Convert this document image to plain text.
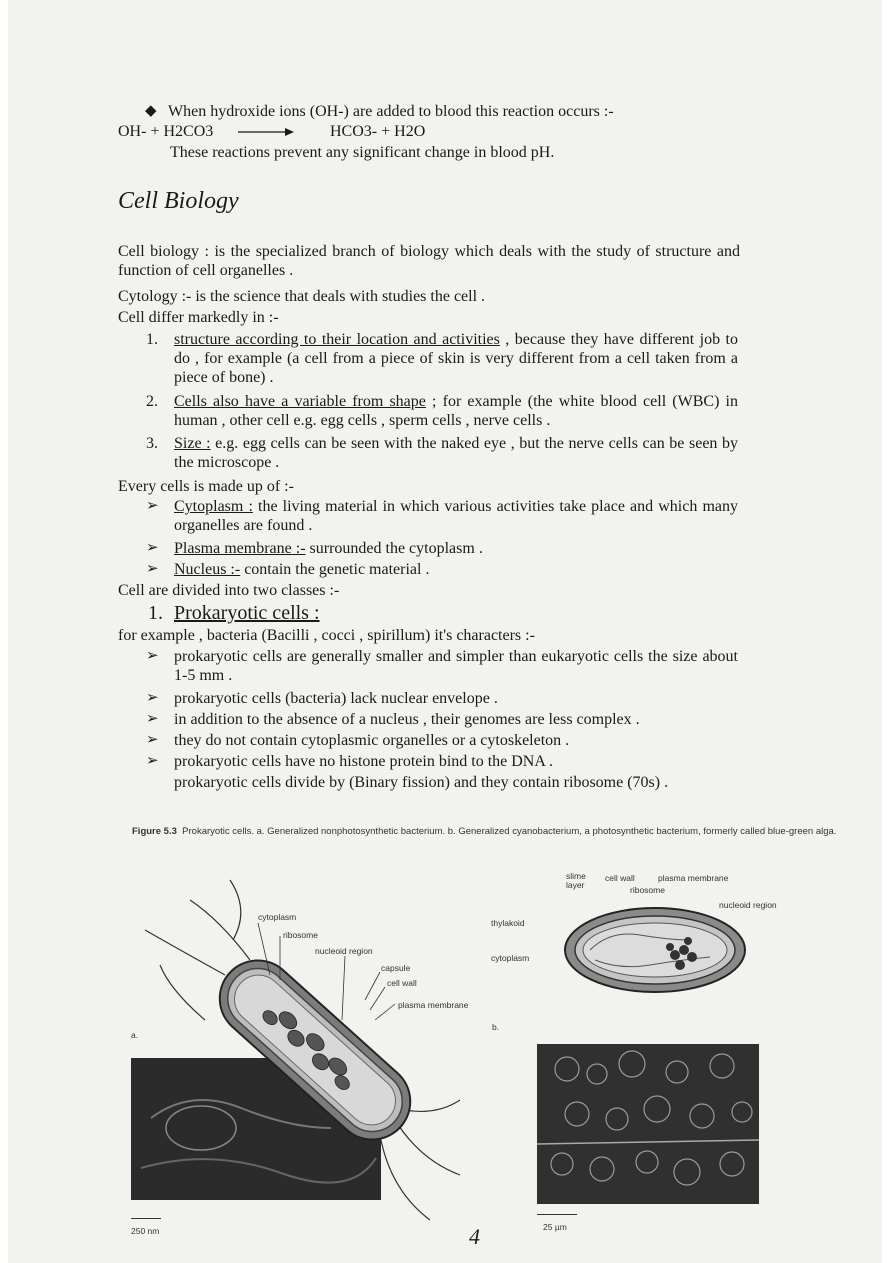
◆ When hydroxide ions (OH-) are added to blood this reaction occurs :-
OH- + H2CO3 → HCO3- + H2O
These reactions prevent any significant change in blood pH.
Cell Biology
Cell biology : is the specialized branch of biology which deals with the study of structure and function of cell organelles .
Cytology :- is the science that deals with studies the cell .
Cell differ markedly in :-
1. structure according to their location and activities , because they have different job to do , for example (a cell from a piece of skin is very different from a cell taken from a piece of bone) .
2. Cells also have a variable from shape ; for example (the white blood cell (WBC) in human , other cell e.g. egg cells , sperm cells , nerve cells .
3. Size : e.g. egg cells can be seen with the naked eye , but the nerve cells can be seen by the microscope .
Every cells is made up of :-
➢ Cytoplasm : the living material in which various activities take place and which many organelles are found .
➢ Plasma membrane :- surrounded the cytoplasm .
➢ Nucleus :- contain the genetic material .
Cell are divided into two classes :-
1. Prokaryotic cells :
for example , bacteria (Bacilli , cocci , spirillum) it's characters :-
➢ prokaryotic cells are generally smaller and simpler than eukaryotic cells the size about 1-5 mm .
➢ prokaryotic cells (bacteria) lack nuclear envelope .
➢ in addition to the absence of a nucleus , their genomes are less complex .
➢ they do not contain cytoplasmic organelles or a cytoskeleton .
➢ prokaryotic cells have no histone protein bind to the DNA .
prokaryotic cells divide by (Binary fission) and they contain ribosome (70s) .
Figure 5.3 Prokaryotic cells. a. Generalized nonphotosynthetic bacterium. b. Generalized cyanobacterium, a photosynthetic bacterium, formerly called blue-green alga.
cytoplasm
ribosome
nucleoid region
capsule
cell wall
plasma membrane
a.
250 nm
slime
layer
cell wall	plasma membrane
ribosome
nucleoid region
thylakoid
cytoplasm
b.
25 µm
4
